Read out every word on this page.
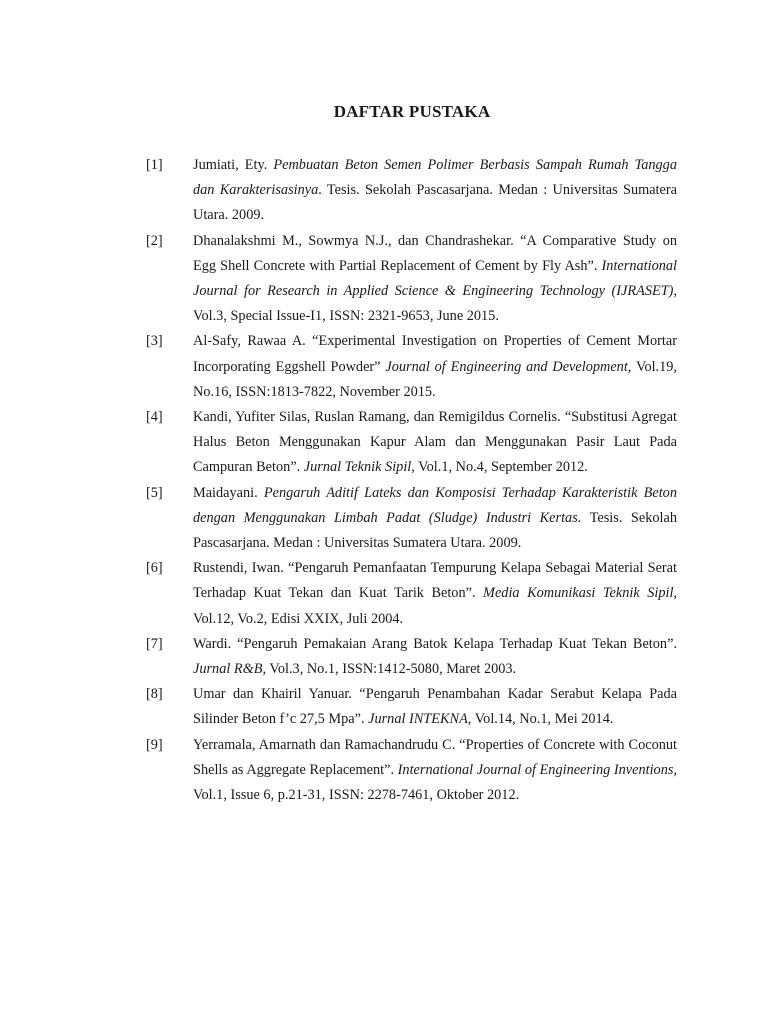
DAFTAR PUSTAKA
[1] Jumiati, Ety. Pembuatan Beton Semen Polimer Berbasis Sampah Rumah Tangga dan Karakterisasinya. Tesis. Sekolah Pascasarjana. Medan : Universitas Sumatera Utara. 2009.
[2] Dhanalakshmi M., Sowmya N.J., dan Chandrashekar. “A Comparative Study on Egg Shell Concrete with Partial Replacement of Cement by Fly Ash”. International Journal for Research in Applied Science & Engineering Technology (IJRASET), Vol.3, Special Issue-I1, ISSN: 2321-9653, June 2015.
[3] Al-Safy, Rawaa A. “Experimental Investigation on Properties of Cement Mortar Incorporating Eggshell Powder” Journal of Engineering and Development, Vol.19, No.16, ISSN:1813-7822, November 2015.
[4] Kandi, Yufiter Silas, Ruslan Ramang, dan Remigildus Cornelis. “Substitusi Agregat Halus Beton Menggunakan Kapur Alam dan Menggunakan Pasir Laut Pada Campuran Beton”. Jurnal Teknik Sipil, Vol.1, No.4, September 2012.
[5] Maidayani. Pengaruh Aditif Lateks dan Komposisi Terhadap Karakteristik Beton dengan Menggunakan Limbah Padat (Sludge) Industri Kertas. Tesis. Sekolah Pascasarjana. Medan : Universitas Sumatera Utara. 2009.
[6] Rustendi, Iwan. “Pengaruh Pemanfaatan Tempurung Kelapa Sebagai Material Serat Terhadap Kuat Tekan dan Kuat Tarik Beton”. Media Komunikasi Teknik Sipil, Vol.12, Vo.2, Edisi XXIX, Juli 2004.
[7] Wardi. “Pengaruh Pemakaian Arang Batok Kelapa Terhadap Kuat Tekan Beton”. Jurnal R&B, Vol.3, No.1, ISSN:1412-5080, Maret 2003.
[8] Umar dan Khairil Yanuar. “Pengaruh Penambahan Kadar Serabut Kelapa Pada Silinder Beton f’c 27,5 Mpa”. Jurnal INTEKNA, Vol.14, No.1, Mei 2014.
[9] Yerramala, Amarnath dan Ramachandrudu C. “Properties of Concrete with Coconut Shells as Aggregate Replacement”. International Journal of Engineering Inventions, Vol.1, Issue 6, p.21-31, ISSN: 2278-7461, Oktober 2012.
